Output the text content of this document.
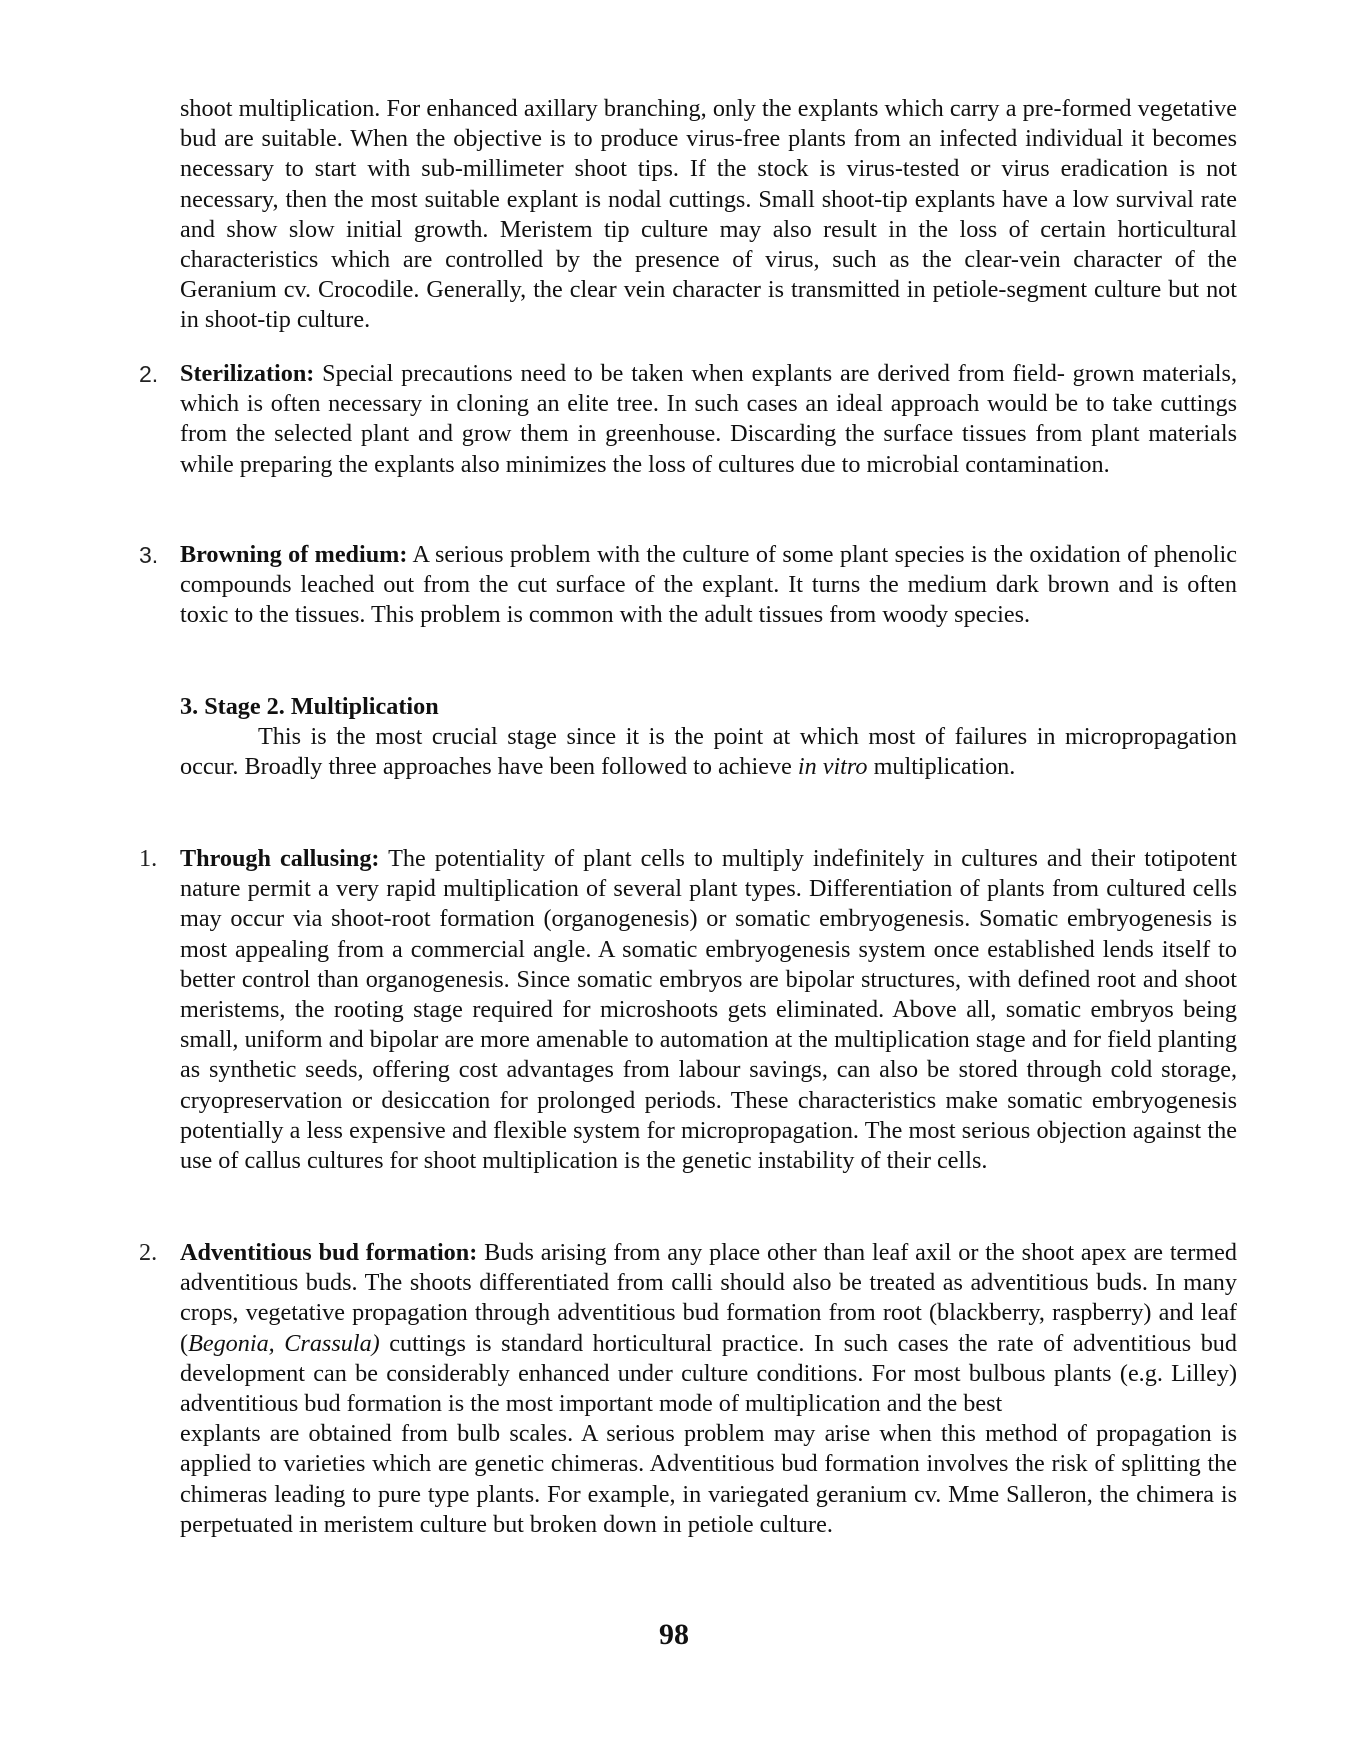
shoot multiplication. For enhanced axillary branching, only the explants which carry a pre-formed vegetative bud are suitable. When the objective is to produce virus-free plants from an infected individual it becomes necessary to start with sub-millimeter shoot tips. If the stock is virus-tested or virus eradication is not necessary, then the most suitable explant is nodal cuttings. Small shoot-tip explants have a low survival rate and show slow initial growth. Meristem tip culture may also result in the loss of certain horticultural characteristics which are controlled by the presence of virus, such as the clear-vein character of the Geranium cv. Crocodile. Generally, the clear vein character is transmitted in petiole-segment culture but not in shoot-tip culture.

2. Sterilization: Special precautions need to be taken when explants are derived from field- grown materials, which is often necessary in cloning an elite tree. In such cases an ideal approach would be to take cuttings from the selected plant and grow them in greenhouse. Discarding the surface tissues from plant materials while preparing the explants also minimizes the loss of cultures due to microbial contamination.

3. Browning of medium: A serious problem with the culture of some plant species is the oxidation of phenolic compounds leached out from the cut surface of the explant. It turns the medium dark brown and is often toxic to the tissues. This problem is common with the adult tissues from woody species.

3. Stage 2. Multiplication

This is the most crucial stage since it is the point at which most of failures in micropropagation occur. Broadly three approaches have been followed to achieve in vitro multiplication.

1. Through callusing: The potentiality of plant cells to multiply indefinitely in cultures and their totipotent nature permit a very rapid multiplication of several plant types. Differentiation of plants from cultured cells may occur via shoot-root formation (organogenesis) or somatic embryogenesis. Somatic embryogenesis is most appealing from a commercial angle. A somatic embryogenesis system once established lends itself to better control than organogenesis. Since somatic embryos are bipolar structures, with defined root and shoot meristems, the rooting stage required for microshoots gets eliminated. Above all, somatic embryos being small, uniform and bipolar are more amenable to automation at the multiplication stage and for field planting as synthetic seeds, offering cost advantages from labour savings, can also be stored through cold storage, cryopreservation or desiccation for prolonged periods. These characteristics make somatic embryogenesis potentially a less expensive and flexible system for micropropagation. The most serious objection against the use of callus cultures for shoot multiplication is the genetic instability of their cells.

2. Adventitious bud formation: Buds arising from any place other than leaf axil or the shoot apex are termed adventitious buds. The shoots differentiated from calli should also be treated as adventitious buds. In many crops, vegetative propagation through adventitious bud formation from root (blackberry, raspberry) and leaf (Begonia, Crassula) cuttings is standard horticultural practice. In such cases the rate of adventitious bud development can be considerably enhanced under culture conditions. For most bulbous plants (e.g. Lilley) adventitious bud formation is the most important mode of multiplication and the best

explants are obtained from bulb scales. A serious problem may arise when this method of propagation is applied to varieties which are genetic chimeras. Adventitious bud formation involves the risk of splitting the chimeras leading to pure type plants. For example, in variegated geranium cv. Mme Salleron, the chimera is perpetuated in meristem culture but broken down in petiole culture.

98
